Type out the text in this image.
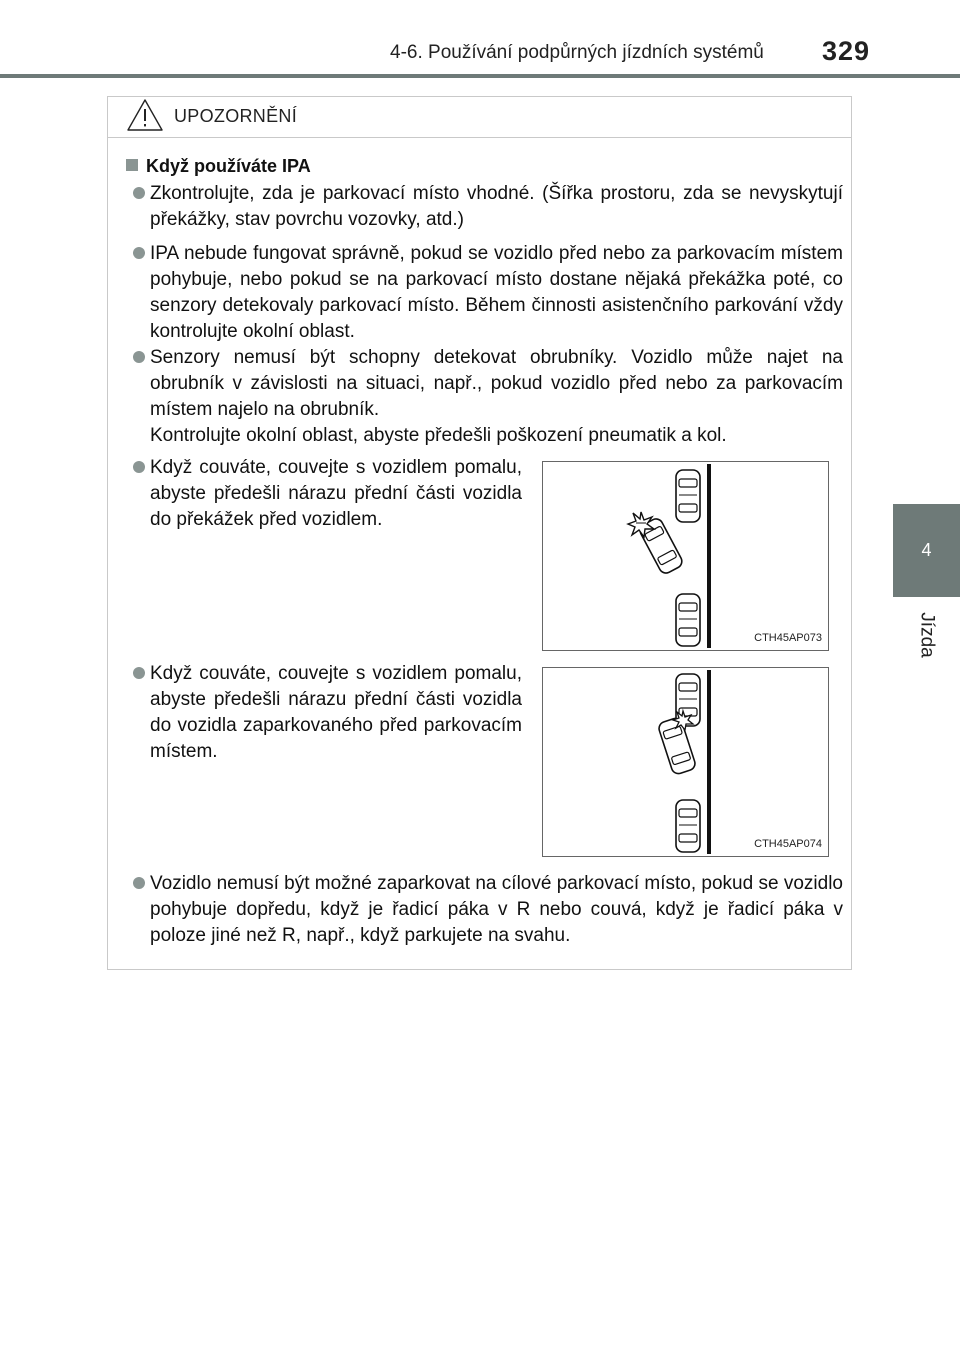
4-6. Používání podpůrných jízdních systémů	329
4
Jízda
UPOZORNĚNÍ
Když používáte IPA
Zkontrolujte, zda je parkovací místo vhodné. (Šířka prostoru, zda se nevyskytují překážky, stav povrchu vozovky, atd.)
IPA nebude fungovat správně, pokud se vozidlo před nebo za parkovacím místem pohybuje, nebo pokud se na parkovací místo dostane nějaká překážka poté, co senzory detekovaly parkovací místo. Během činnosti asistenčního parkování vždy kontrolujte okolní oblast.
Senzory nemusí být schopny detekovat obrubníky. Vozidlo může najet na obrubník v závislosti na situaci, např., pokud vozidlo před nebo za parkovacím místem najelo na obrubník.
Kontrolujte okolní oblast, abyste předešli poškození pneumatik a kol.
Když couváte, couvejte s vozidlem pomalu, abyste předešli nárazu přední části vozidla do překážek před vozidlem.
Když couváte, couvejte s vozidlem pomalu, abyste předešli nárazu přední části vozidla do vozidla zaparkovaného před parkovacím místem.
Vozidlo nemusí být možné zaparkovat na cílové parkovací místo, pokud se vozidlo pohybuje dopředu, když je řadicí páka v R nebo couvá, když je řadicí páka v poloze jiné než R, např., když parkujete na svahu.
CTH45AP073
CTH45AP074
